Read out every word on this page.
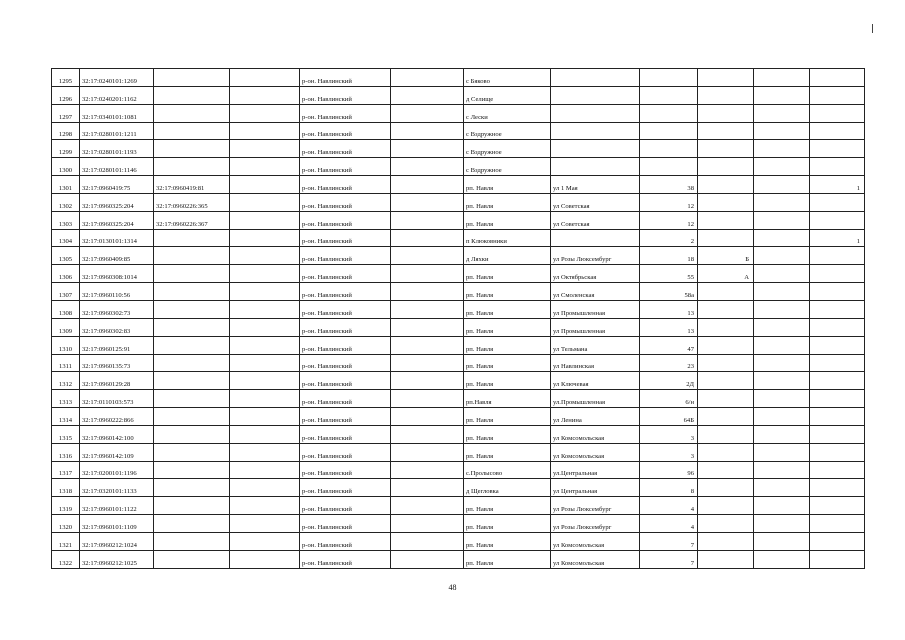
1295	32:17:0240101:1269			р-он. Навлинский		с Бяково					
1296	32:17:0240201:1162			р-он. Навлинский		д Селище					
1297	32:17:0340101:1081			р-он. Навлинский		с Лески					
1298	32:17:0280101:1211			р-он. Навлинский		с Вздружное					
1299	32:17:0280101:1193			р-он. Навлинский		с Вздружное					
1300	32:17:0280101:1146			р-он. Навлинский		с Вздружное					
1301	32:17:0960419:75	32:17:0960419:81		р-он. Навлинский		рп. Навля	ул 1 Мая	38			1
1302	32:17:0960325:204	32:17:0960226:365		р-он. Навлинский		рп. Навля	ул Советская	12			
1303	32:17:0960325:204	32:17:0960226:367		р-он. Навлинский		рп. Навля	ул Советская	12			
1304	32:17:0130101:1314			р-он. Навлинский		п Клюковники		2			1
1305	32:17:0960409:85			р-он. Навлинский		д Ляхки	ул Розы Люксембург	18	Б		
1306	32:17:0960308:1014			р-он. Навлинский		рп. Навля	ул Октябрьская	55	А		
1307	32:17:0960110:56			р-он. Навлинский		рп. Навля	ул Смоленская	58а			
1308	32:17:0960302:73			р-он. Навлинский		рп. Навля	ул Промышленная	13			
1309	32:17:0960302:83			р-он. Навлинский		рп. Навля	ул Промышленная	13			
1310	32:17:0960125:91			р-он. Навлинский		рп. Навля	ул Тельмана	47			
1311	32:17:0960135:73			р-он. Навлинский		рп. Навля	ул Навлинская	23			
1312	32:17:0960129:28			р-он. Навлинский		рп. Навля	ул Ключевая	2Д			
1313	32:17:0110103:573			р-он. Навлинский		рп.Навля	ул.Промышленная	6/н			
1314	32:17:0960222:866			р-он. Навлинский		рп. Навля	ул Ленина	64Б			
1315	32:17:0960142:100			р-он. Навлинский		рп. Навля	ул Комсомольская	3			
1316	32:17:0960142:109			р-он. Навлинский		рп. Навля	ул Комсомольская	3			
1317	32:17:0200101:1196			р-он. Навлинский		с.Пролысово	ул.Центральная	96			
1318	32:17:0320101:1133			р-он. Навлинский		д Щегловка	ул Центральная	8			
1319	32:17:0960101:1122			р-он. Навлинский		рп. Навля	ул Розы Люксембург	4			
1320	32:17:0960101:1109			р-он. Навлинский		рп. Навля	ул Розы Люксембург	4			
1321	32:17:0960212:1024			р-он. Навлинский		рп. Навля	ул Комсомольская	7			
1322	32:17:0960212:1025			р-он. Навлинский		рп. Навля	ул Комсомольская	7			
48
